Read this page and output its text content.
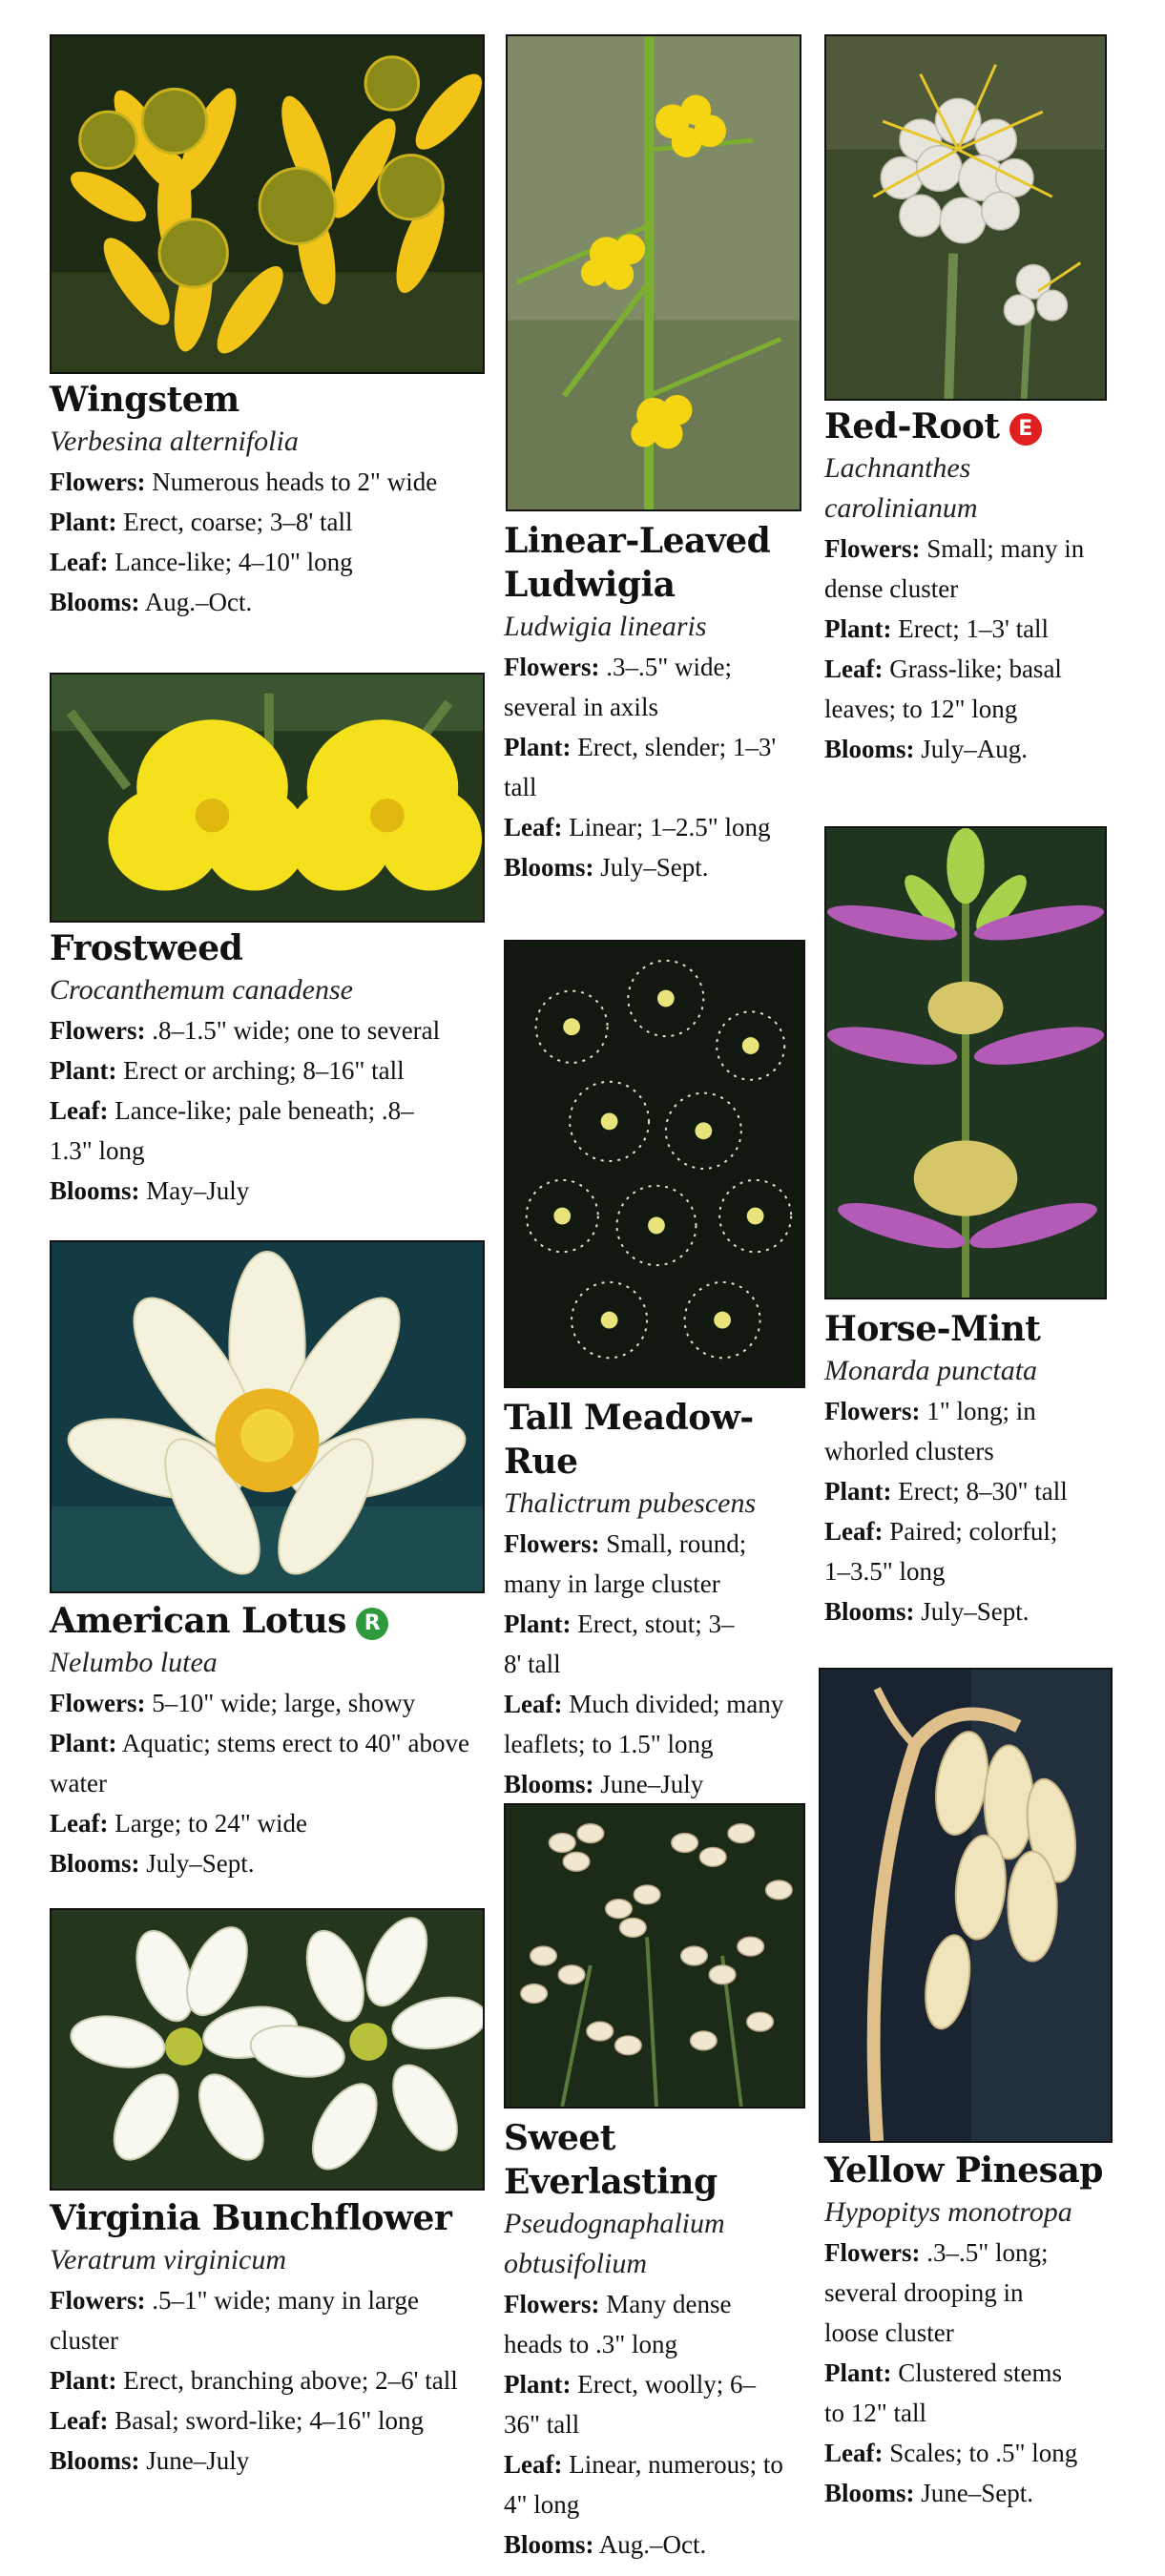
Wingstem
Verbesina alternifolia
Flowers: Numerous heads to 2" wide
Plant: Erect, coarse; 3–8' tall
Leaf: Lance-like; 4–10" long
Blooms: Aug.–Oct.
Frostweed
Crocanthemum canadense
Flowers: .8–1.5" wide; one to several
Plant: Erect or arching; 8–16" tall
Leaf: Lance-like; pale beneath; .8–1.3" long
Blooms: May–July
American Lotus R
Nelumbo lutea
Flowers: 5–10" wide; large, showy
Plant: Aquatic; stems erect to 40" above water
Leaf: Large; to 24" wide
Blooms: July–Sept.
Virginia Bunchflower
Veratrum virginicum
Flowers: .5–1" wide; many in large cluster
Plant: Erect, branching above; 2–6' tall
Leaf: Basal; sword-like; 4–16" long
Blooms: June–July
Linear-Leaved Ludwigia
Ludwigia linearis
Flowers: .3–.5" wide; several in axils
Plant: Erect, slender; 1–3' tall
Leaf: Linear; 1–2.5" long
Blooms: July–Sept.
Tall Meadow-Rue
Thalictrum pubescens
Flowers: Small, round; many in large cluster
Plant: Erect, stout; 3–8' tall
Leaf: Much divided; many leaflets; to 1.5" long
Blooms: June–July
Sweet Everlasting
Pseudognaphalium obtusifolium
Flowers: Many dense heads to .3" long
Plant: Erect, woolly; 6–36" tall
Leaf: Linear, numerous; to 4" long
Blooms: Aug.–Oct.
Red-Root E
Lachnanthes carolinianum
Flowers: Small; many in dense cluster
Plant: Erect; 1–3' tall
Leaf: Grass-like; basal leaves; to 12" long
Blooms: July–Aug.
Horse-Mint
Monarda punctata
Flowers: 1" long; in whorled clusters
Plant: Erect; 8–30" tall
Leaf: Paired; colorful; 1–3.5" long
Blooms: July–Sept.
Yellow Pinesap
Hypopitys monotropa
Flowers: .3–.5" long; several drooping in loose cluster
Plant: Clustered stems to 12" tall
Leaf: Scales; to .5" long
Blooms: June–Sept.
